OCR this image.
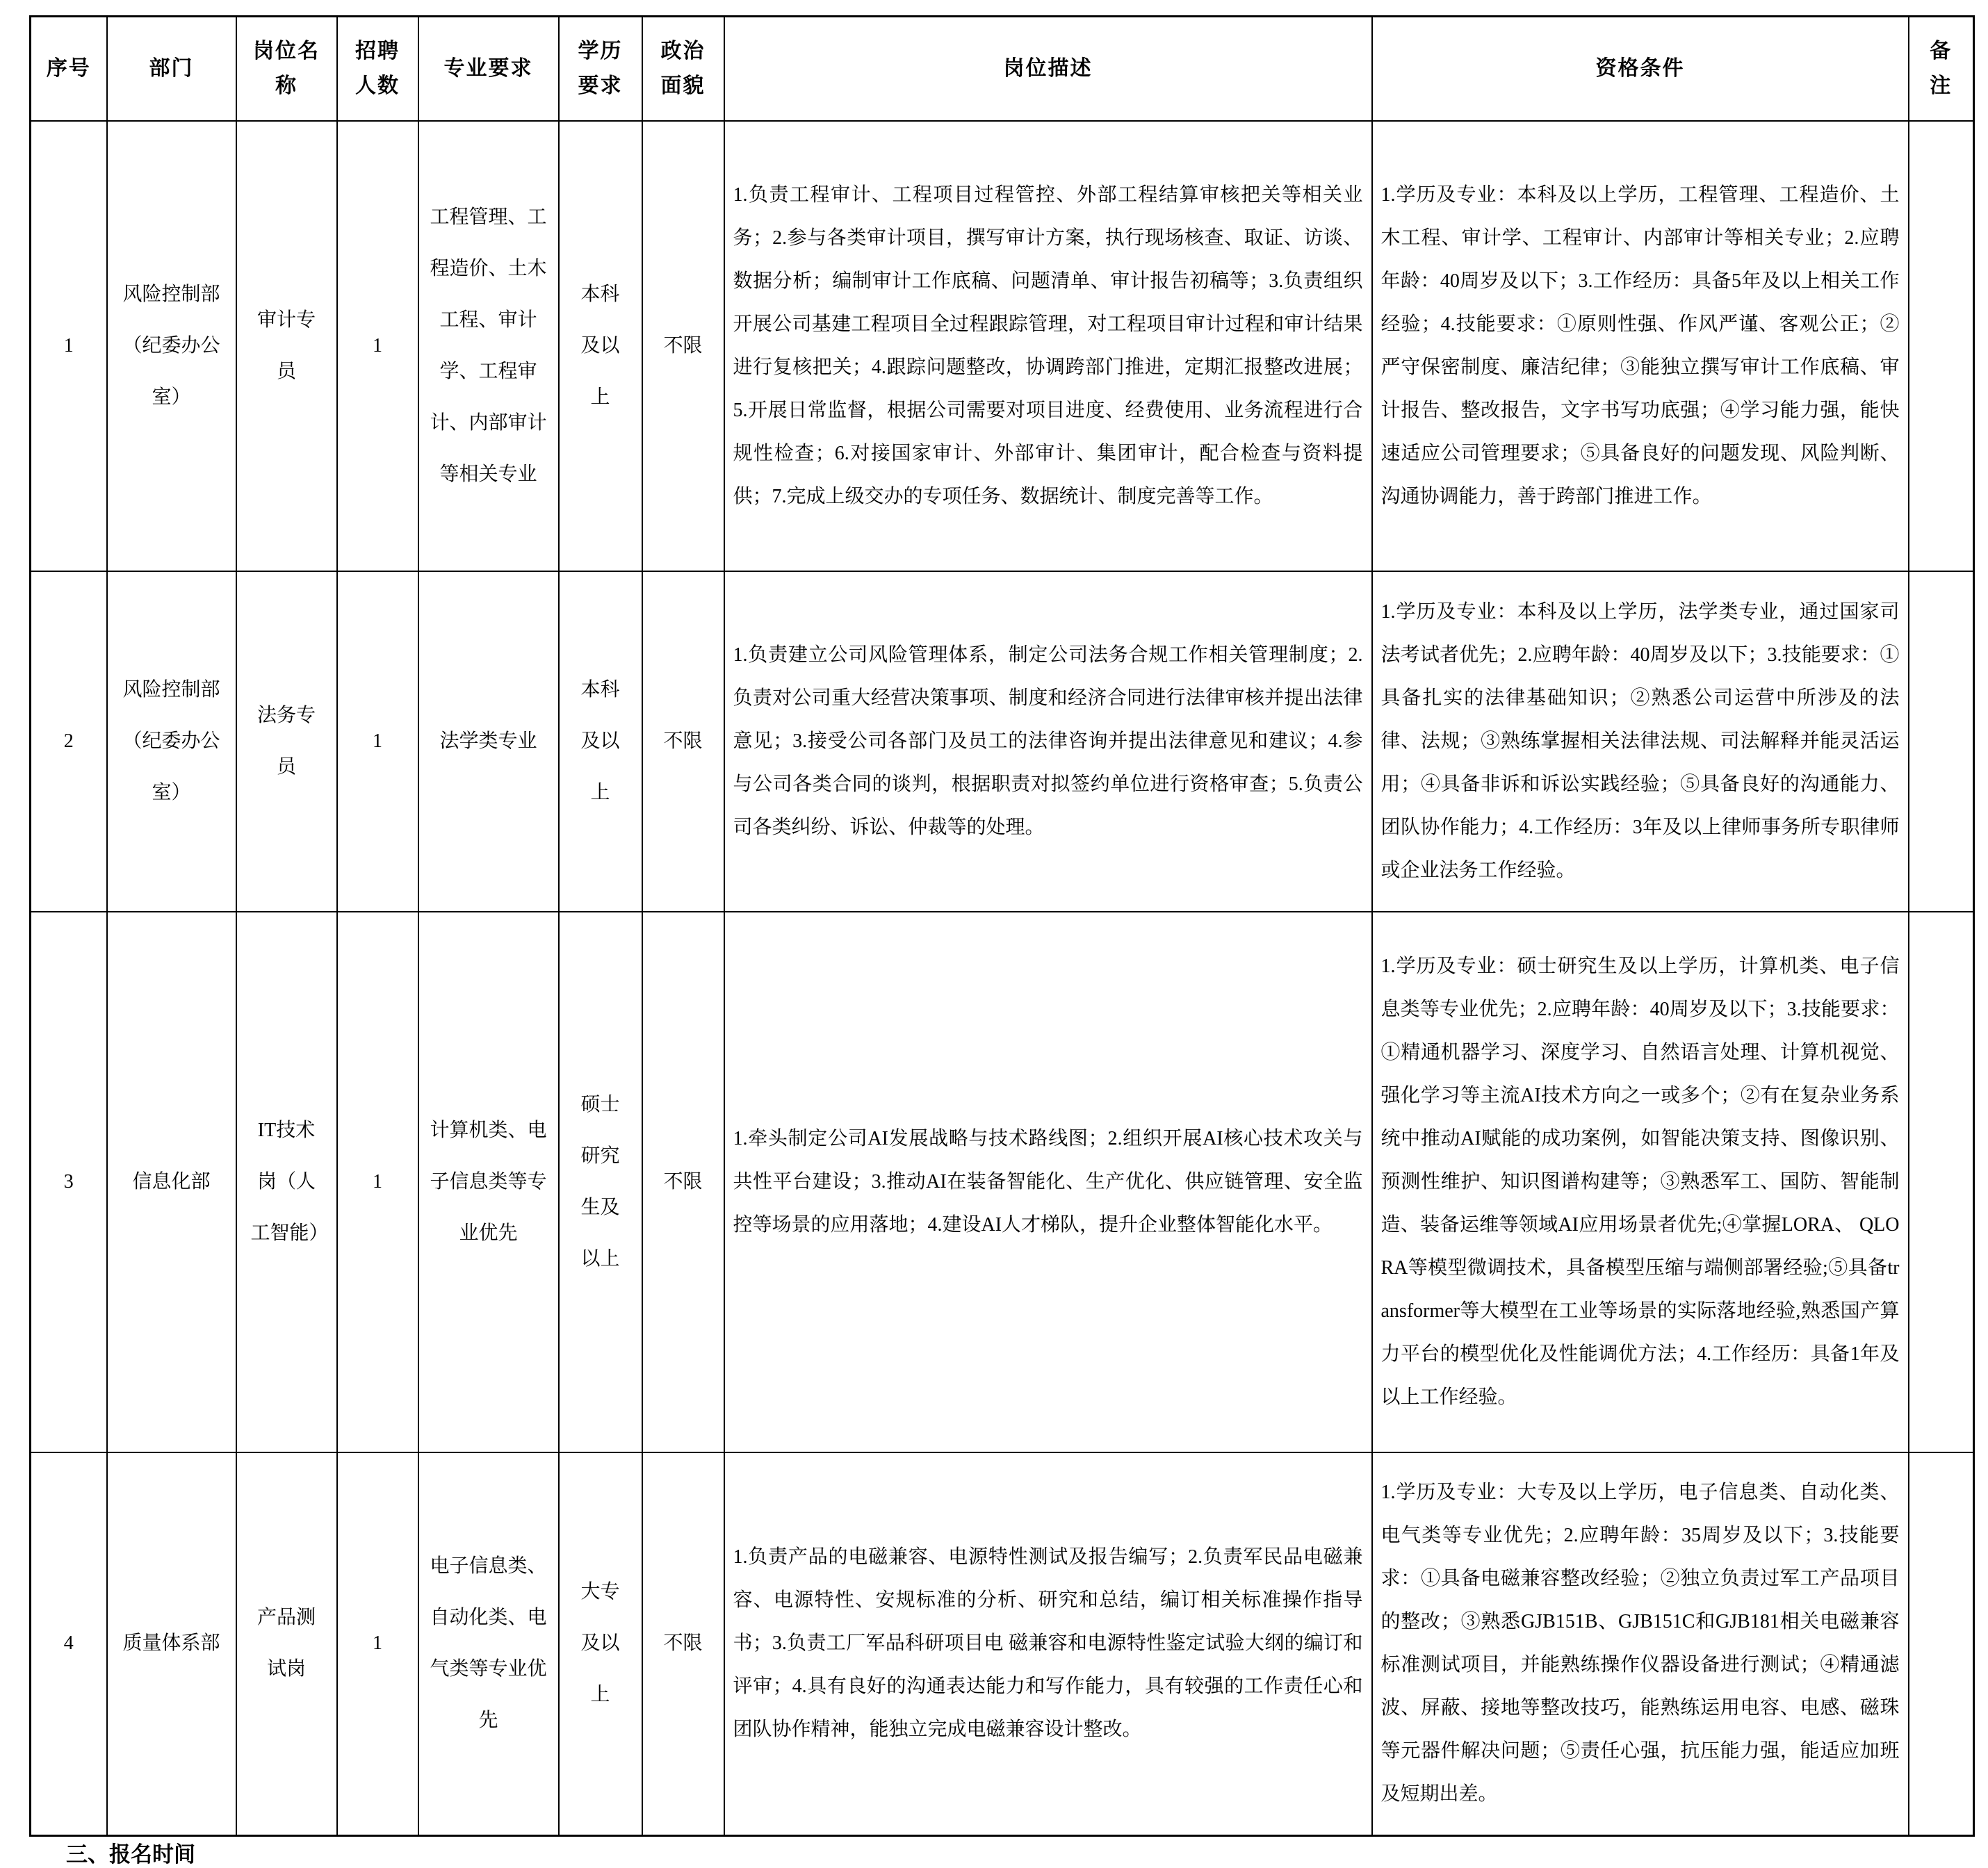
序号	部门	岗位名称	招聘人数	专业要求	学历要求	政治面貌	岗位描述	资格条件	备注
1	风险控制部（纪委办公室）	审计专员	1	工程管理、工程造价、土木工程、审计学、工程审计、内部审计等相关专业	本科及以上	不限	1.负责工程审计、工程项目过程管控、外部工程结算审核把关等相关业务；2.参与各类审计项目，撰写审计方案，执行现场核查、取证、访谈、数据分析；编制审计工作底稿、问题清单、审计报告初稿等；3.负责组织开展公司基建工程项目全过程跟踪管理，对工程项目审计过程和审计结果进行复核把关；4.跟踪问题整改，协调跨部门推进，定期汇报整改进展；5.开展日常监督，根据公司需要对项目进度、经费使用、业务流程进行合规性检查；6.对接国家审计、外部审计、集团审计，配合检查与资料提供；7.完成上级交办的专项任务、数据统计、制度完善等工作。	1.学历及专业：本科及以上学历，工程管理、工程造价、土木工程、审计学、工程审计、内部审计等相关专业；2.应聘年龄：40周岁及以下；3.工作经历：具备5年及以上相关工作经验；4.技能要求：①原则性强、作风严谨、客观公正；②严守保密制度、廉洁纪律；③能独立撰写审计工作底稿、审计报告、整改报告，文字书写功底强；④学习能力强，能快速适应公司管理要求；⑤具备良好的问题发现、风险判断、沟通协调能力，善于跨部门推进工作。	
2	风险控制部（纪委办公室）	法务专员	1	法学类专业	本科及以上	不限	1.负责建立公司风险管理体系，制定公司法务合规工作相关管理制度；2.负责对公司重大经营决策事项、制度和经济合同进行法律审核并提出法律意见；3.接受公司各部门及员工的法律咨询并提出法律意见和建议；4.参与公司各类合同的谈判，根据职责对拟签约单位进行资格审查；5.负责公司各类纠纷、诉讼、仲裁等的处理。	1.学历及专业：本科及以上学历，法学类专业，通过国家司法考试者优先；2.应聘年龄：40周岁及以下；3.技能要求：①具备扎实的法律基础知识；②熟悉公司运营中所涉及的法律、法规；③熟练掌握相关法律法规、司法解释并能灵活运用；④具备非诉和诉讼实践经验；⑤具备良好的沟通能力、团队协作能力；4.工作经历：3年及以上律师事务所专职律师或企业法务工作经验。	
3	信息化部	IT技术岗（人工智能）	1	计算机类、电子信息类等专业优先	硕士研究生及以上	不限	1.牵头制定公司AI发展战略与技术路线图；2.组织开展AI核心技术攻关与共性平台建设；3.推动AI在装备智能化、生产优化、供应链管理、安全监控等场景的应用落地；4.建设AI人才梯队，提升企业整体智能化水平。	1.学历及专业：硕士研究生及以上学历，计算机类、电子信息类等专业优先；2.应聘年龄：40周岁及以下；3.技能要求：①精通机器学习、深度学习、自然语言处理、计算机视觉、强化学习等主流AI技术方向之一或多个；②有在复杂业务系统中推动AI赋能的成功案例，如智能决策支持、图像识别、预测性维护、知识图谱构建等；③熟悉军工、国防、智能制造、装备运维等领域AI应用场景者优先;④掌握LORA、 QLORA等模型微调技术，具备模型压缩与端侧部署经验;⑤具备transformer等大模型在工业等场景的实际落地经验,熟悉国产算力平台的模型优化及性能调优方法；4.工作经历：具备1年及以上工作经验。	
4	质量体系部	产品测试岗	1	电子信息类、自动化类、电气类等专业优先	大专及以上	不限	1.负责产品的电磁兼容、电源特性测试及报告编写；2.负责军民品电磁兼容、电源特性、安规标准的分析、研究和总结，编订相关标准操作指导书；3.负责工厂军品科研项目电 磁兼容和电源特性鉴定试验大纲的编订和评审；4.具有良好的沟通表达能力和写作能力，具有较强的工作责任心和团队协作精神，能独立完成电磁兼容设计整改。	1.学历及专业：大专及以上学历，电子信息类、自动化类、电气类等专业优先；2.应聘年龄：35周岁及以下；3.技能要求：①具备电磁兼容整改经验；②独立负责过军工产品项目的整改；③熟悉GJB151B、GJB151C和GJB181相关电磁兼容标准测试项目，并能熟练操作仪器设备进行测试；④精通滤波、屏蔽、接地等整改技巧，能熟练运用电容、电感、磁珠等元器件解决问题；⑤责任心强，抗压能力强，能适应加班及短期出差。	
三、报名时间
